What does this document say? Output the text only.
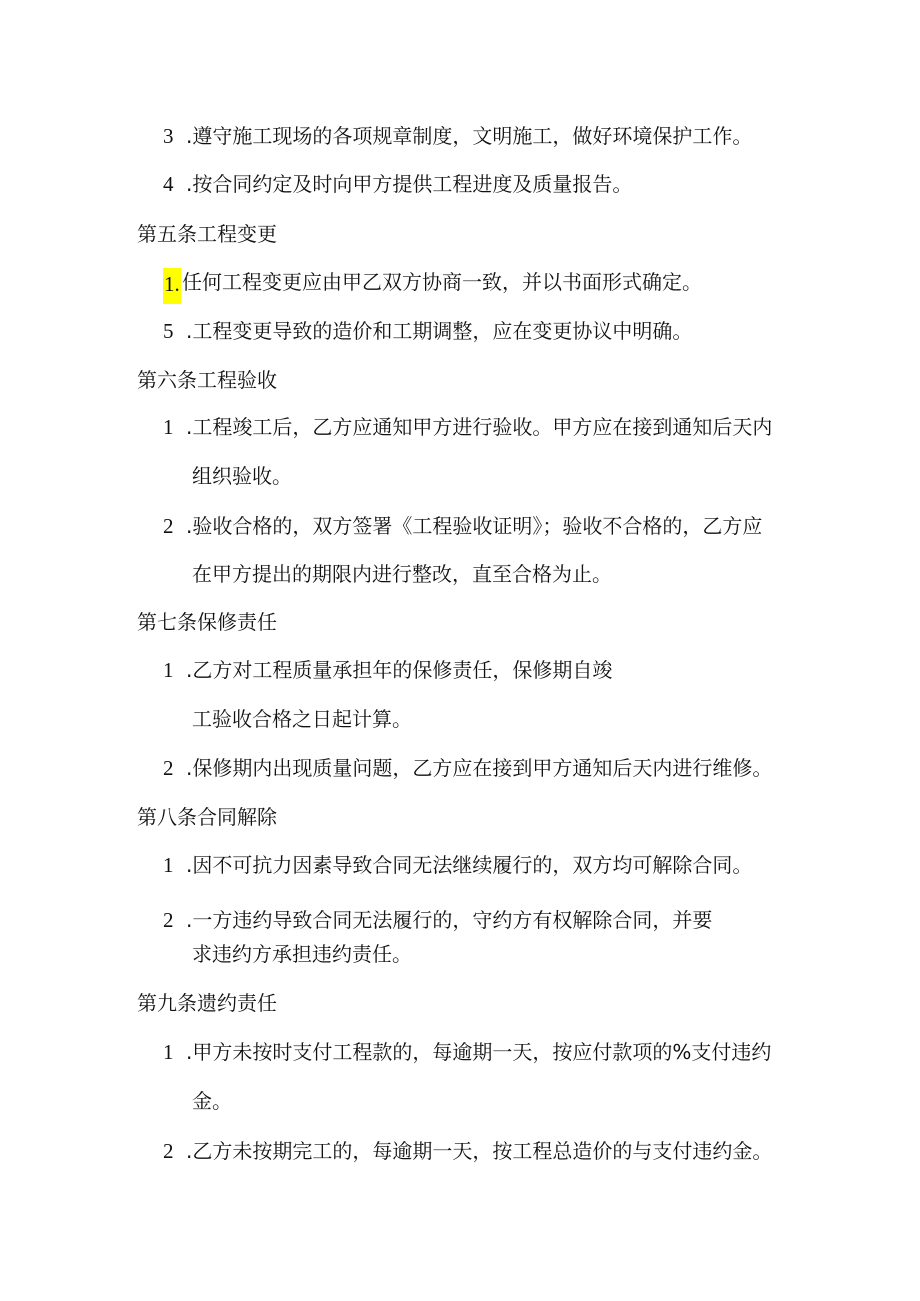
3 .遵守施工现场的各项规章制度，文明施工，做好环境保护工作。
4 .按合同约定及时向甲方提供工程进度及质量报告。
第五条工程变更
1. 任何工程变更应由甲乙双方协商一致，并以书面形式确定。
5 .工程变更导致的造价和工期调整，应在变更协议中明确。
第六条工程验收
1 .工程竣工后，乙方应通知甲方进行验收。甲方应在接到通知后天内
组织验收。
2 .验收合格的，双方签署《工程验收证明》；验收不合格的，乙方应
在甲方提出的期限内进行整改，直至合格为止。
第七条保修责任
1 .乙方对工程质量承担年的保修责任，保修期自竣
工验收合格之日起计算。
2 .保修期内出现质量问题，乙方应在接到甲方通知后天内进行维修。
第八条合同解除
1 .因不可抗力因素导致合同无法继续履行的，双方均可解除合同。
2 .一方违约导致合同无法履行的，守约方有权解除合同，并要
求违约方承担违约责任。
第九条遗约责任
1 .甲方未按时支付工程款的，每逾期一天，按应付款项的%支付违约
金。
2 .乙方未按期完工的，每逾期一天，按工程总造价的与支付违约金。
